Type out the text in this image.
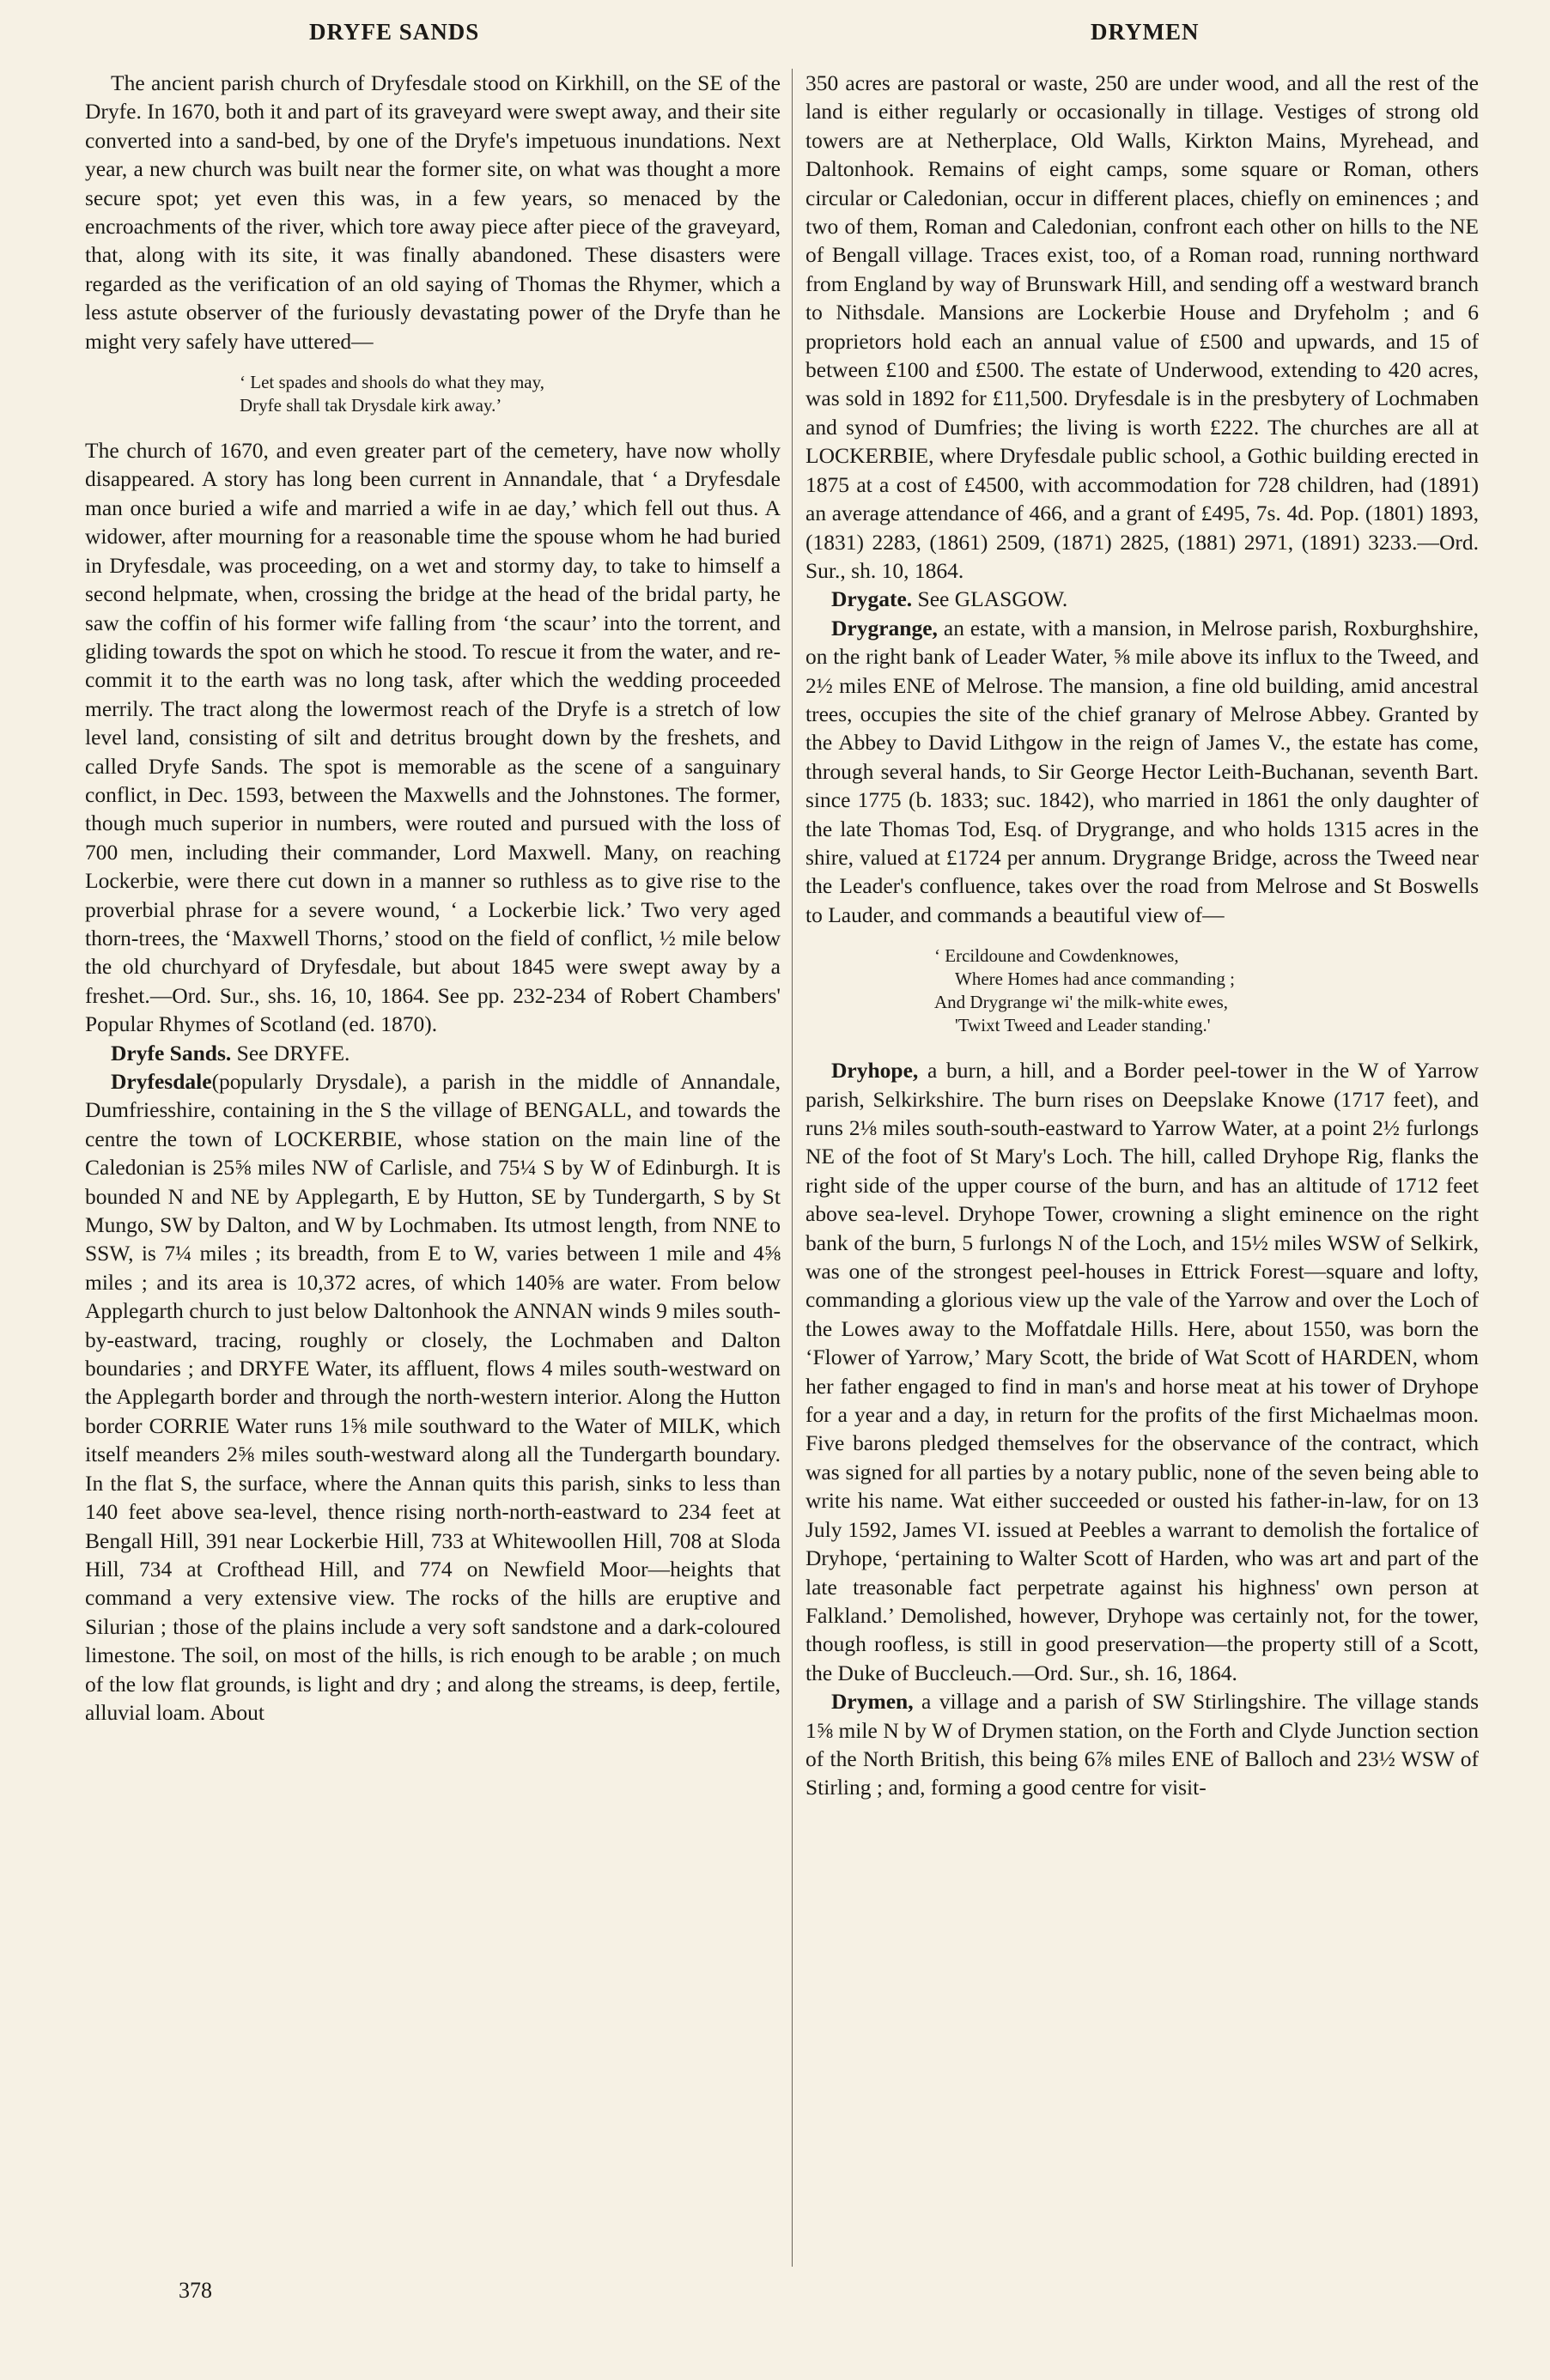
DRYFE SANDS	DRYMEN

The ancient parish church of Dryfesdale stood on Kirkhill, on the SE of the Dryfe. In 1670, both it and part of its graveyard were swept away, and their site converted into a sand-bed, by one of the Dryfe's impetuous inundations. Next year, a new church was built near the former site, on what was thought a more secure spot; yet even this was, in a few years, so menaced by the encroachments of the river, which tore away piece after piece of the graveyard, that, along with its site, it was finally abandoned. These disasters were regarded as the verification of an old saying of Thomas the Rhymer, which a less astute observer of the furiously devastating power of the Dryfe than he might very safely have uttered—

‘ Let spades and shools do what they may,
Dryfe shall tak Drysdale kirk away.’

The church of 1670, and even greater part of the cemetery, have now wholly disappeared. A story has long been current in Annandale, that ‘ a Dryfesdale man once buried a wife and married a wife in ae day,’ which fell out thus. A widower, after mourning for a reasonable time the spouse whom he had buried in Dryfesdale, was proceeding, on a wet and stormy day, to take to himself a second helpmate, when, crossing the bridge at the head of the bridal party, he saw the coffin of his former wife falling from ‘the scaur’ into the torrent, and gliding towards the spot on which he stood. To rescue it from the water, and re-commit it to the earth was no long task, after which the wedding proceeded merrily. The tract along the lowermost reach of the Dryfe is a stretch of low level land, consisting of silt and detritus brought down by the freshets, and called Dryfe Sands. The spot is memorable as the scene of a sanguinary conflict, in Dec. 1593, between the Maxwells and the Johnstones. The former, though much superior in numbers, were routed and pursued with the loss of 700 men, including their commander, Lord Maxwell. Many, on reaching Lockerbie, were there cut down in a manner so ruthless as to give rise to the proverbial phrase for a severe wound, ‘ a Lockerbie lick.’ Two very aged thorn-trees, the ‘Maxwell Thorns,’ stood on the field of conflict, ½ mile below the old churchyard of Dryfesdale, but about 1845 were swept away by a freshet.—Ord. Sur., shs. 16, 10, 1864. See pp. 232-234 of Robert Chambers' Popular Rhymes of Scotland (ed. 1870).

Dryfe Sands. See DRYFE.

Dryfesdale(popularly Drysdale), a parish in the middle of Annandale, Dumfriesshire, containing in the S the village of BENGALL, and towards the centre the town of LOCKERBIE, whose station on the main line of the Caledonian is 25⅝ miles NW of Carlisle, and 75¼ S by W of Edinburgh. It is bounded N and NE by Applegarth, E by Hutton, SE by Tundergarth, S by St Mungo, SW by Dalton, and W by Lochmaben. Its utmost length, from NNE to SSW, is 7¼ miles ; its breadth, from E to W, varies between 1 mile and 4⅝ miles ; and its area is 10,372 acres, of which 140⅝ are water. From below Applegarth church to just below Daltonhook the ANNAN winds 9 miles south-by-eastward, tracing, roughly or closely, the Lochmaben and Dalton boundaries ; and DRYFE Water, its affluent, flows 4 miles south-westward on the Applegarth border and through the north-western interior. Along the Hutton border CORRIE Water runs 1⅝ mile southward to the Water of MILK, which itself meanders 2⅝ miles south-westward along all the Tundergarth boundary. In the flat S, the surface, where the Annan quits this parish, sinks to less than 140 feet above sea-level, thence rising north-north-eastward to 234 feet at Bengall Hill, 391 near Lockerbie Hill, 733 at Whitewoollen Hill, 708 at Sloda Hill, 734 at Crofthead Hill, and 774 on Newfield Moor—heights that command a very extensive view. The rocks of the hills are eruptive and Silurian ; those of the plains include a very soft sandstone and a dark-coloured limestone. The soil, on most of the hills, is rich enough to be arable ; on much of the low flat grounds, is light and dry ; and along the streams, is deep, fertile, alluvial loam. About

350 acres are pastoral or waste, 250 are under wood, and all the rest of the land is either regularly or occasionally in tillage. Vestiges of strong old towers are at Netherplace, Old Walls, Kirkton Mains, Myrehead, and Daltonhook. Remains of eight camps, some square or Roman, others circular or Caledonian, occur in different places, chiefly on eminences ; and two of them, Roman and Caledonian, confront each other on hills to the NE of Bengall village. Traces exist, too, of a Roman road, running northward from England by way of Brunswark Hill, and sending off a westward branch to Nithsdale. Mansions are Lockerbie House and Dryfeholm ; and 6 proprietors hold each an annual value of £500 and upwards, and 15 of between £100 and £500. The estate of Underwood, extending to 420 acres, was sold in 1892 for £11,500. Dryfesdale is in the presbytery of Lochmaben and synod of Dumfries; the living is worth £222. The churches are all at LOCKERBIE, where Dryfesdale public school, a Gothic building erected in 1875 at a cost of £4500, with accommodation for 728 children, had (1891) an average attendance of 466, and a grant of £495, 7s. 4d. Pop. (1801) 1893, (1831) 2283, (1861) 2509, (1871) 2825, (1881) 2971, (1891) 3233.—Ord. Sur., sh. 10, 1864.

Drygate. See GLASGOW.

Drygrange, an estate, with a mansion, in Melrose parish, Roxburghshire, on the right bank of Leader Water, ⅝ mile above its influx to the Tweed, and 2½ miles ENE of Melrose. The mansion, a fine old building, amid ancestral trees, occupies the site of the chief granary of Melrose Abbey. Granted by the Abbey to David Lithgow in the reign of James V., the estate has come, through several hands, to Sir George Hector Leith-Buchanan, seventh Bart. since 1775 (b. 1833; suc. 1842), who married in 1861 the only daughter of the late Thomas Tod, Esq. of Drygrange, and who holds 1315 acres in the shire, valued at £1724 per annum. Drygrange Bridge, across the Tweed near the Leader's confluence, takes over the road from Melrose and St Boswells to Lauder, and commands a beautiful view of—

‘ Ercildoune and Cowdenknowes,
Where Homes had ance commanding ;
And Drygrange wi' the milk-white ewes,
'Twixt Tweed and Leader standing.'

Dryhope, a burn, a hill, and a Border peel-tower in the W of Yarrow parish, Selkirkshire. The burn rises on Deepslake Knowe (1717 feet), and runs 2⅛ miles south-south-eastward to Yarrow Water, at a point 2½ furlongs NE of the foot of St Mary's Loch. The hill, called Dryhope Rig, flanks the right side of the upper course of the burn, and has an altitude of 1712 feet above sea-level. Dryhope Tower, crowning a slight eminence on the right bank of the burn, 5 furlongs N of the Loch, and 15½ miles WSW of Selkirk, was one of the strongest peel-houses in Ettrick Forest—square and lofty, commanding a glorious view up the vale of the Yarrow and over the Loch of the Lowes away to the Moffatdale Hills. Here, about 1550, was born the ‘Flower of Yarrow,’ Mary Scott, the bride of Wat Scott of HARDEN, whom her father engaged to find in man's and horse meat at his tower of Dryhope for a year and a day, in return for the profits of the first Michaelmas moon. Five barons pledged themselves for the observance of the contract, which was signed for all parties by a notary public, none of the seven being able to write his name. Wat either succeeded or ousted his father-in-law, for on 13 July 1592, James VI. issued at Peebles a warrant to demolish the fortalice of Dryhope, ‘pertaining to Walter Scott of Harden, who was art and part of the late treasonable fact perpetrate against his highness' own person at Falkland.’ Demolished, however, Dryhope was certainly not, for the tower, though roofless, is still in good preservation—the property still of a Scott, the Duke of Buccleuch.—Ord. Sur., sh. 16, 1864.

Drymen, a village and a parish of SW Stirlingshire. The village stands 1⅝ mile N by W of Drymen station, on the Forth and Clyde Junction section of the North British, this being 6⅞ miles ENE of Balloch and 23½ WSW of Stirling ; and, forming a good centre for visit-

378
